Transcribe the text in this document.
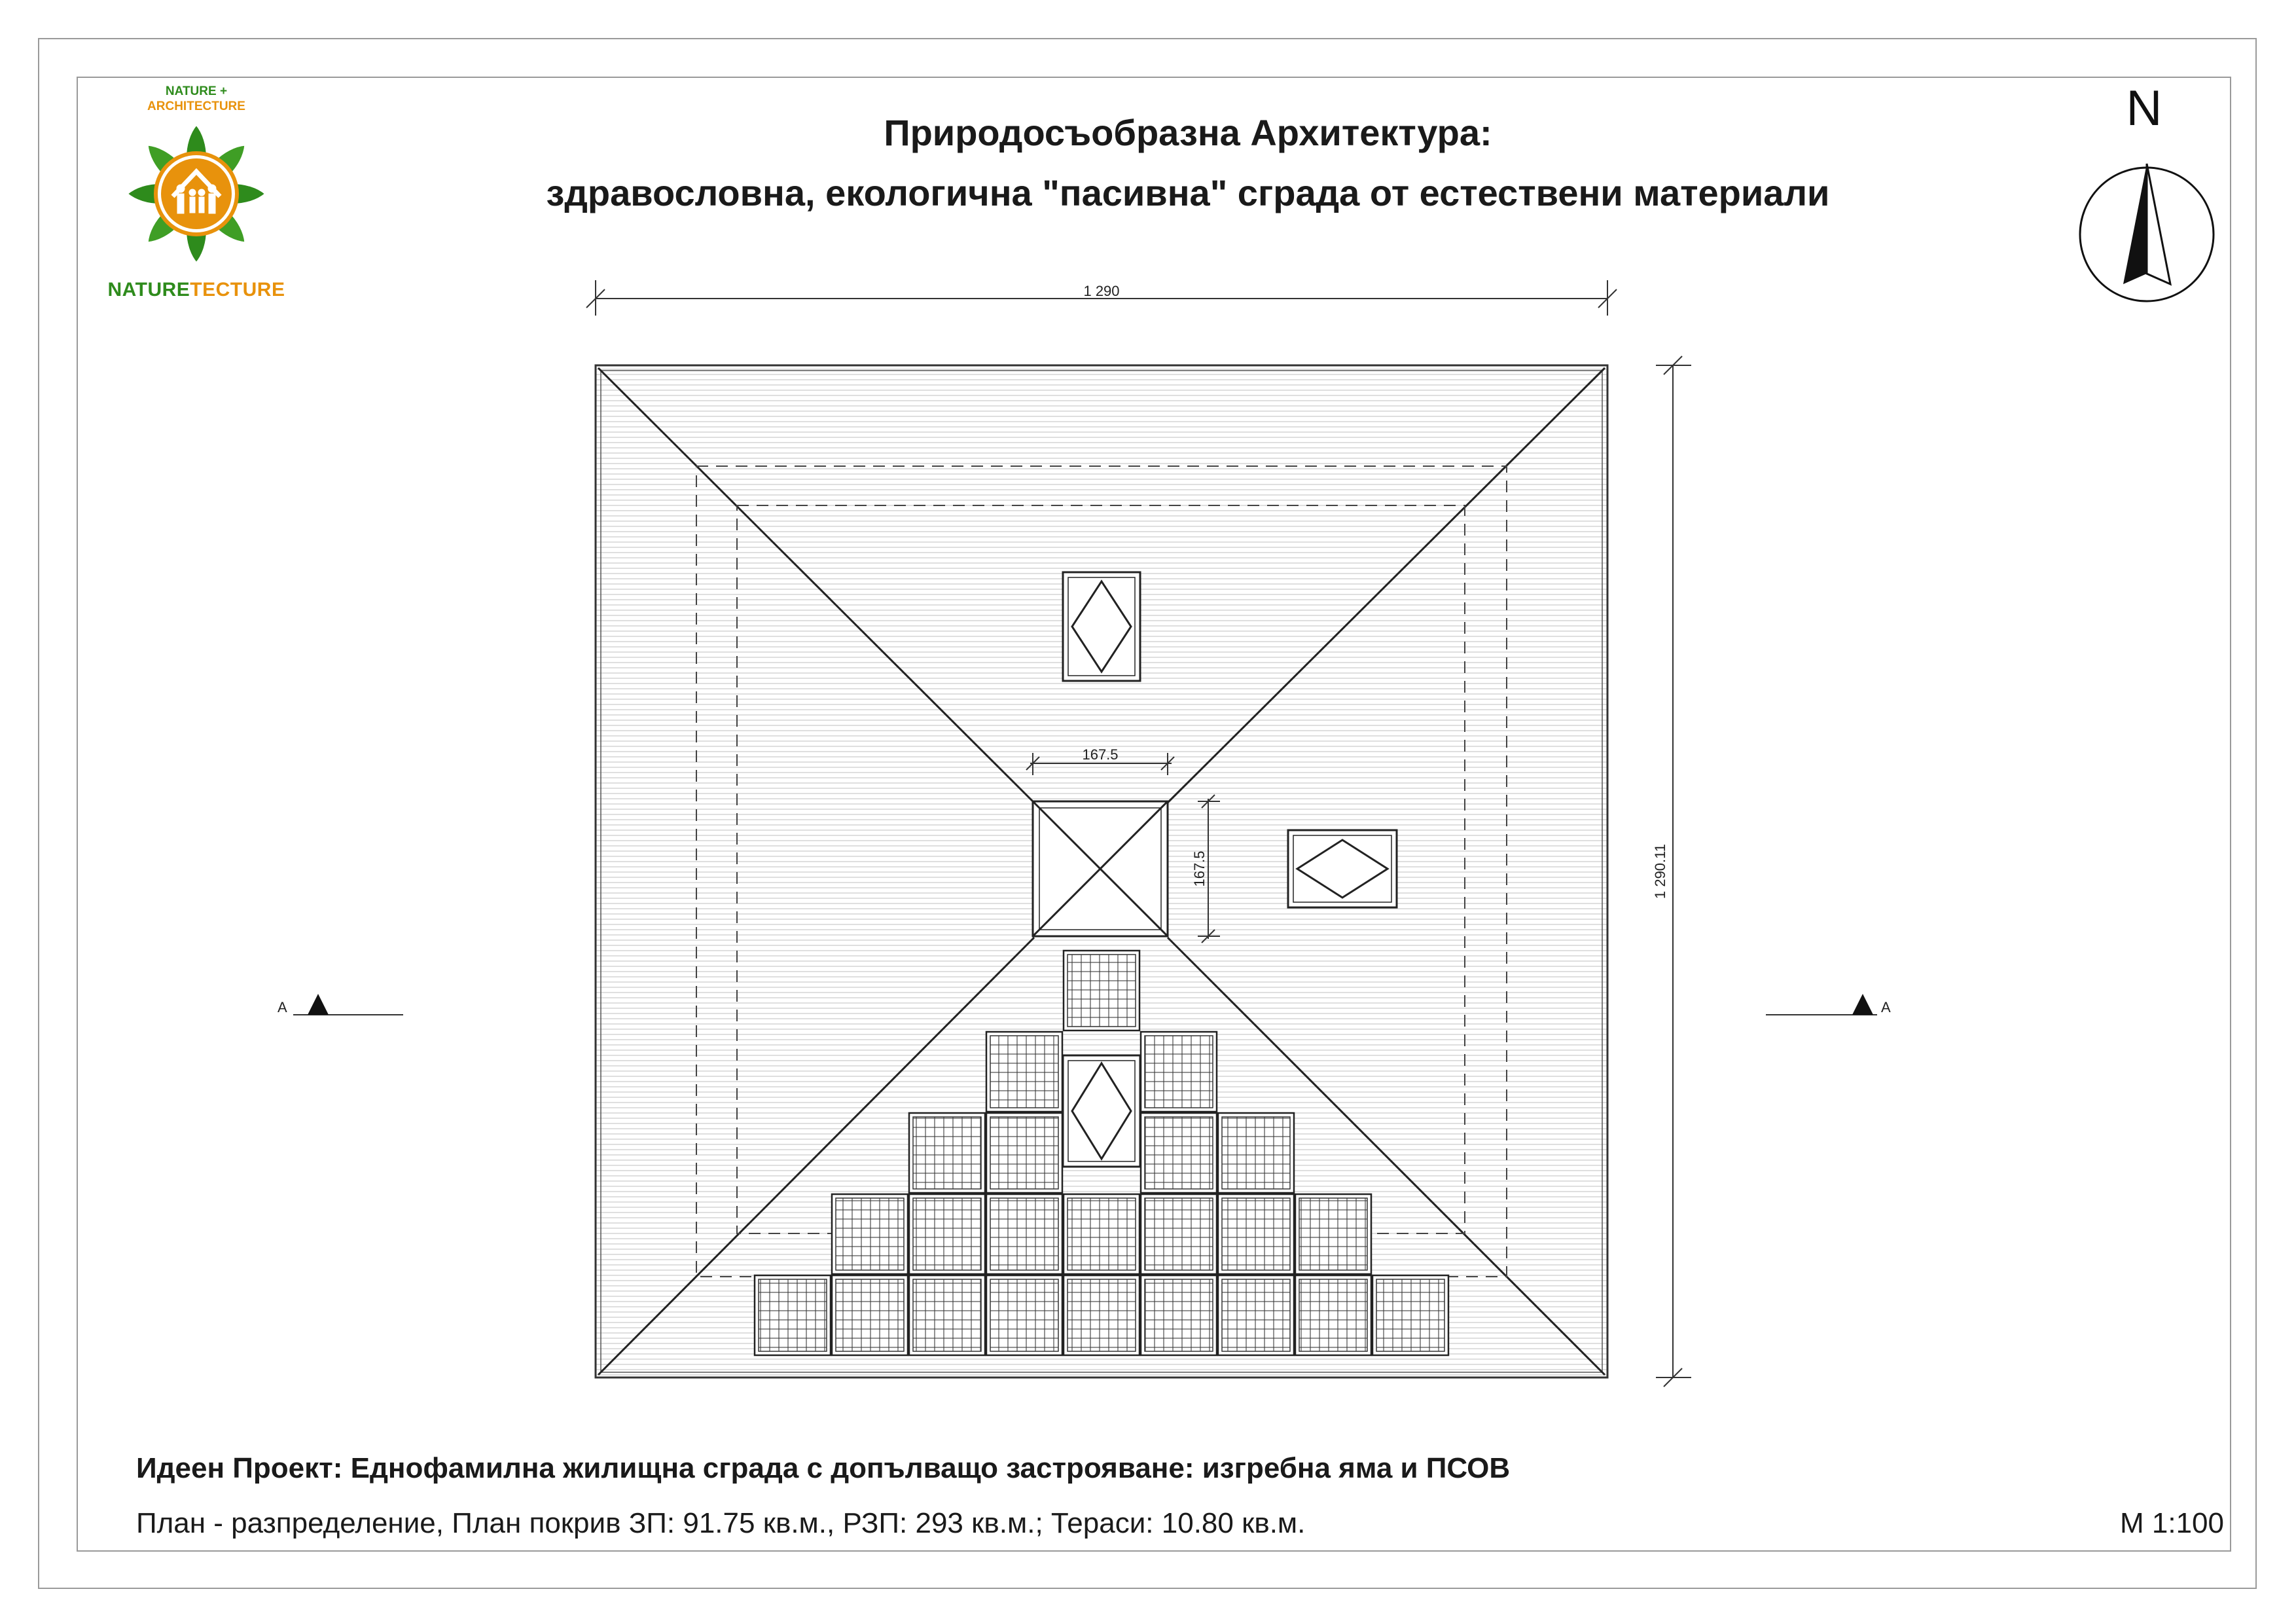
NATURE +
ARCHITECTURE
NATURETECTURE
Природосъобразна Архитектура:
здравословна, екологична "пасивна" сграда от естествени материали
N
1 290
1 290.11
167.5
167.5
A	A
Идеен Проект: Еднофамилна жилищна сграда с допълващо застрояване: изгребна яма и ПСОВ
План - разпределение, План покрив ЗП: 91.75 кв.м., РЗП: 293 кв.м.; Тераси: 10.80 кв.м.	М 1:100
